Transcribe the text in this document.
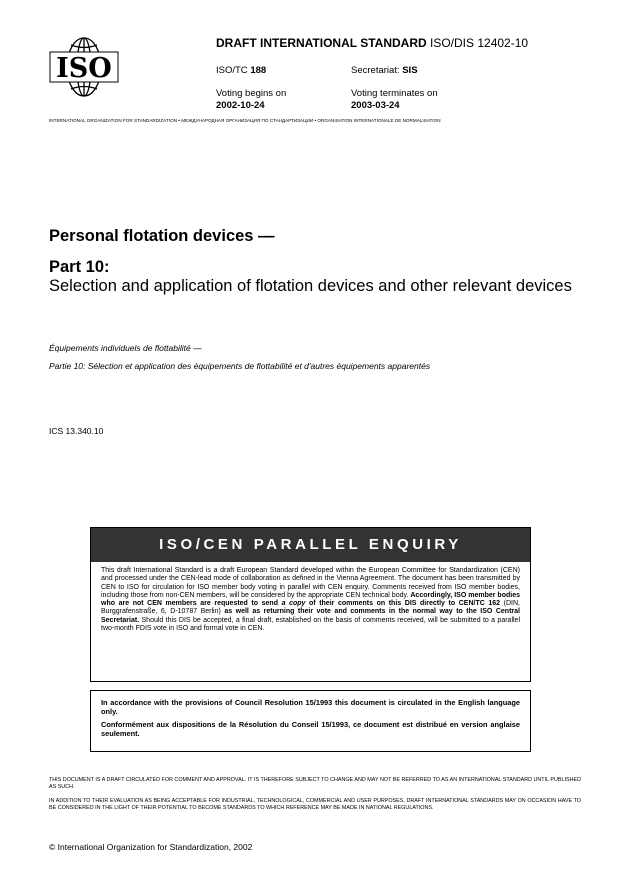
ISO
DRAFT INTERNATIONAL STANDARD ISO/DIS 12402-10
ISO/TC 188	Secretariat: SIS
Voting begins on
2002-10-24
Voting terminates on
2003-03-24
INTERNATIONAL ORGANIZATION FOR STANDARDIZATION • МЕЖДУНАРОДНАЯ ОРГАНИЗАЦИЯ ПО СТАНДАРТИЗАЦИИ • ORGANISATION INTERNATIONALE DE NORMALISATION
Personal flotation devices —
Part 10:
Selection and application of flotation devices and other relevant devices
Équipements individuels de flottabilité —
Partie 10: Sélection et application des équipements de flottabilité et d'autres équipements apparentés
ICS 13.340.10
ISO/CEN PARALLEL ENQUIRY
This draft International Standard is a draft European Standard developed within the European Committee for Standardization (CEN) and processed under the CEN-lead mode of collaboration as defined in the Vienna Agreement. The document has been transmitted by CEN to ISO for circulation for ISO member body voting in parallel with CEN enquiry. Comments received from ISO member bodies, including those from non-CEN members, will be considered by the appropriate CEN technical body. Accordingly, ISO member bodies who are not CEN members are requested to send a copy of their comments on this DIS directly to CEN/TC 162 (DIN, Burggrafenstraße, 6, D-10787 Berlin) as well as returning their vote and comments in the normal way to the ISO Central Secretariat. Should this DIS be accepted, a final draft, established on the basis of comments received, will be submitted to a parallel two-month FDIS vote in ISO and formal vote in CEN.

In accordance with the provisions of Council Resolution 15/1993 this document is circulated in the English language only.

Conformément aux dispositions de la Résolution du Conseil 15/1993, ce document est distribué en version anglaise seulement.

THIS DOCUMENT IS A DRAFT CIRCULATED FOR COMMENT AND APPROVAL. IT IS THEREFORE SUBJECT TO CHANGE AND MAY NOT BE REFERRED TO AS AN INTERNATIONAL STANDARD UNTIL PUBLISHED AS SUCH.
IN ADDITION TO THEIR EVALUATION AS BEING ACCEPTABLE FOR INDUSTRIAL, TECHNOLOGICAL, COMMERCIAL AND USER PURPOSES, DRAFT INTERNATIONAL STANDARDS MAY ON OCCASION HAVE TO BE CONSIDERED IN THE LIGHT OF THEIR POTENTIAL TO BECOME STANDARDS TO WHICH REFERENCE MAY BE MADE IN NATIONAL REGULATIONS.
© International Organization for Standardization, 2002
